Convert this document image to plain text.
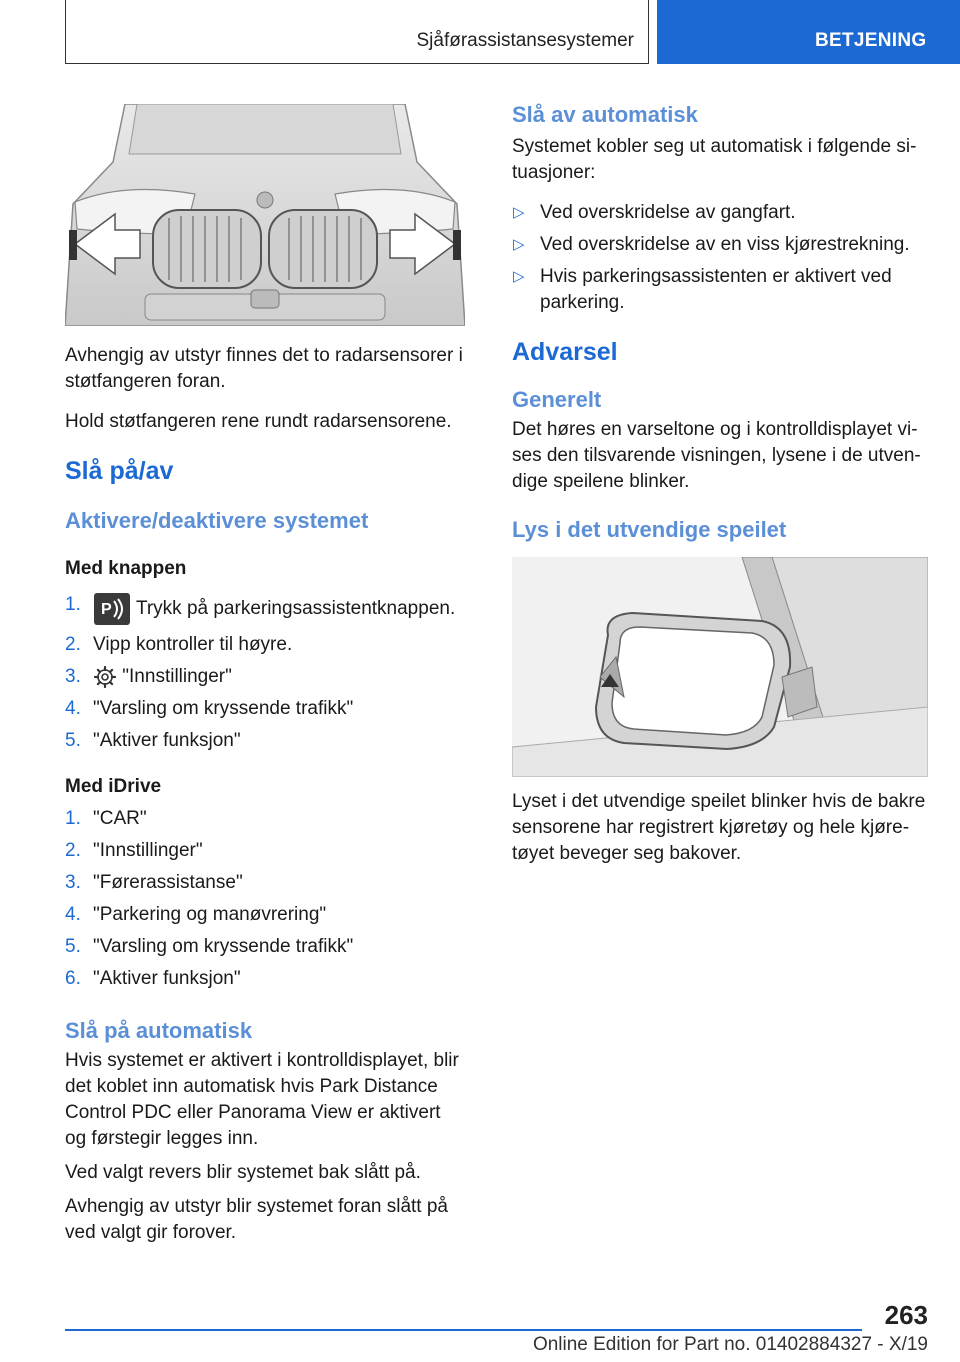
Sjåførassistansesystemer	BETJENING

Avhengig av utstyr finnes det to radarsensorer i støtfangeren foran.

Hold støtfangeren rene rundt radarsensorene.

Slå på/av
Aktivere/deaktivere systemet
Med knappen
1. P Trykk på parkeringsassistentknappen.
2. Vipp kontroller til høyre.
3. "Innstillinger"
4. "Varsling om kryssende trafikk"
5. "Aktiver funksjon"
Med iDrive
1. "CAR"
2. "Innstillinger"
3. "Førerassistanse"
4. "Parkering og manøvrering"
5. "Varsling om kryssende trafikk"
6. "Aktiver funksjon"
Slå på automatisk

Hvis systemet er aktivert i kontrolldisplayet, blir det koblet inn automatisk hvis Park Distance Control PDC eller Panorama View er aktivert og førstegir legges inn.

Ved valgt revers blir systemet bak slått på.

Avhengig av utstyr blir systemet foran slått på ved valgt gir forover.

Slå av automatisk

Systemet kobler seg ut automatisk i følgende si-tuasjoner:

▷ Ved overskridelse av gangfart.
▷ Ved overskridelse av en viss kjørestrekning.
▷ Hvis parkeringsassistenten er aktivert ved parkering.
Advarsel
Generelt

Det høres en varseltone og i kontrolldisplayet vi-ses den tilsvarende visningen, lysene i de utven-dige speilene blinker.

Lys i det utvendige speilet

Lyset i det utvendige speilet blinker hvis de bakre sensorene har registrert kjøretøy og hele kjøre-tøyet beveger seg bakover.

263
Online Edition for Part no. 01402884327 - X/19
